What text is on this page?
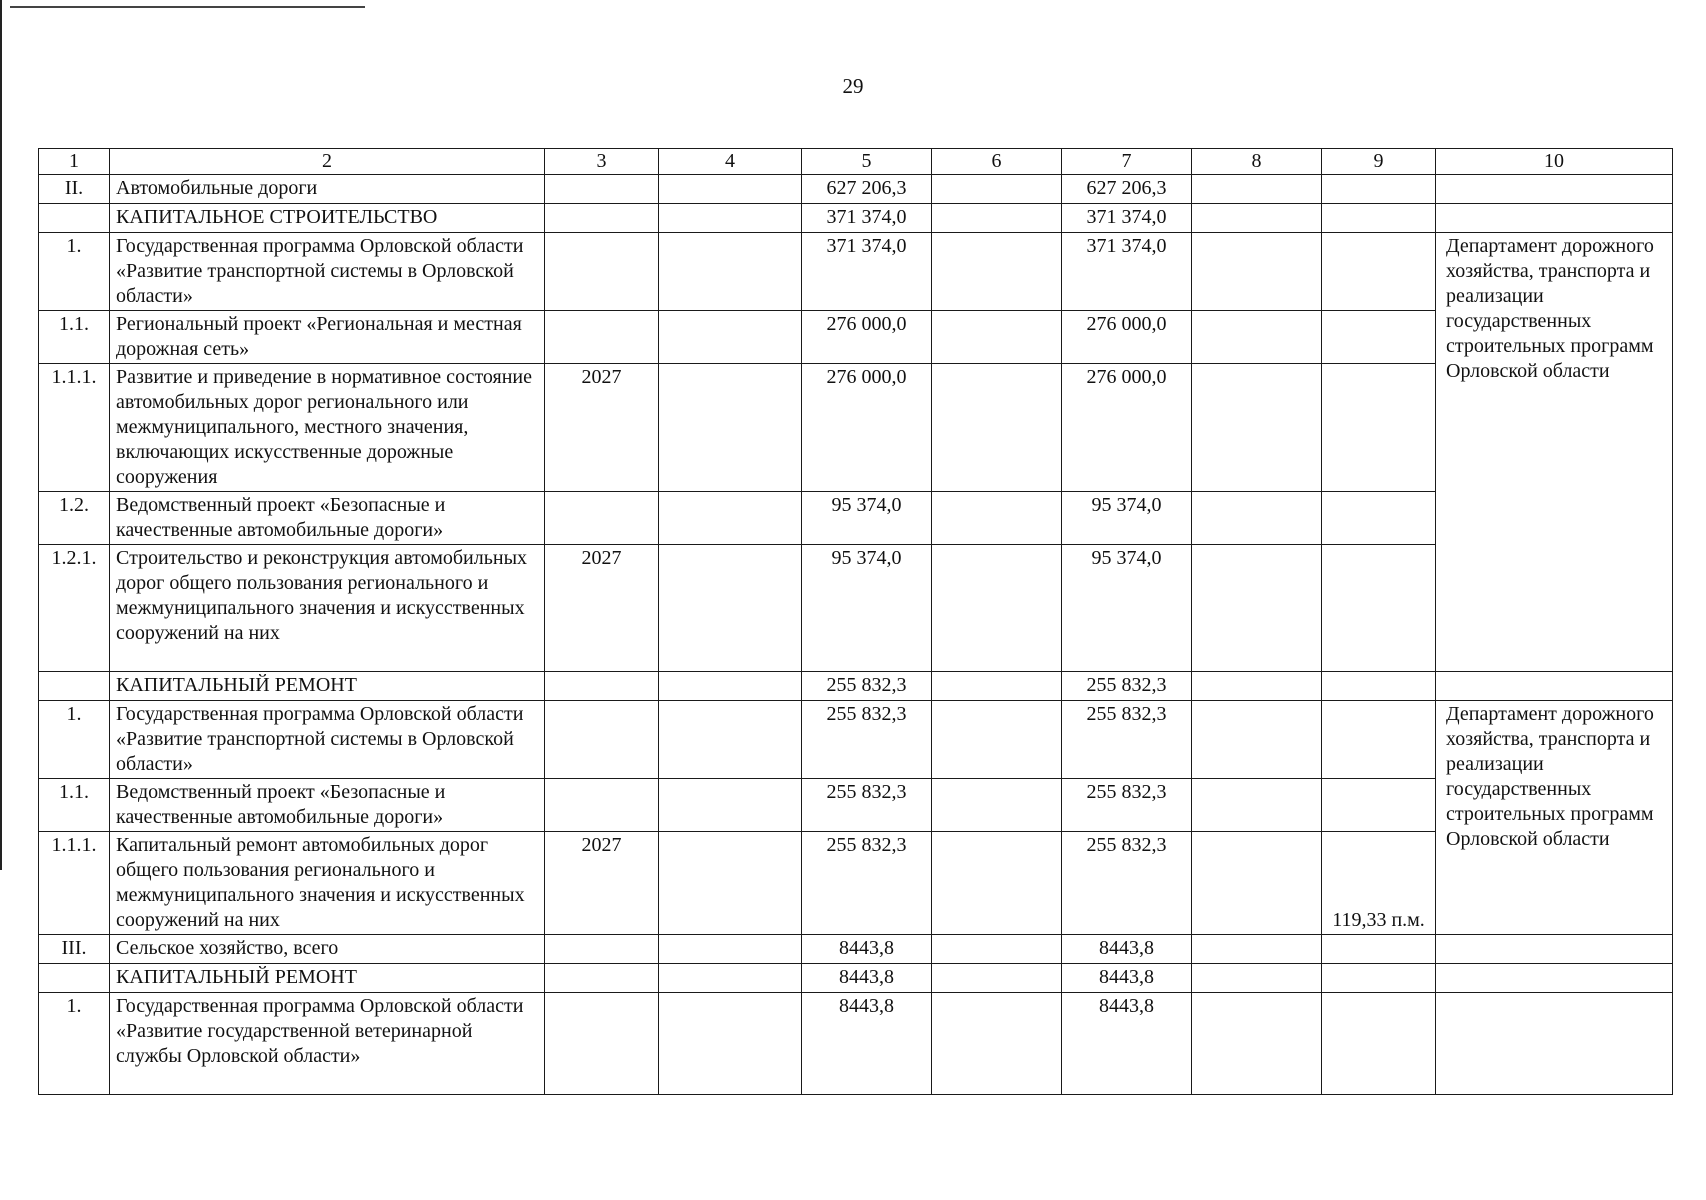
29
1	2	3	4	5	6	7	8	9	10	
II.	Автомобильные дороги			627 206,3		627 206,3				
	КАПИТАЛЬНОЕ СТРОИТЕЛЬСТВО			371 374,0		371 374,0				
1.	Государственная программа Орловской области «Развитие транспортной системы в Орловской области»			371 374,0		371 374,0			Департамент дорожного хозяйства, транспорта и реализации государственных строительных программ Орловской области	

1.1.	Региональный проект «Региональная и местная дорожная сеть»			276 000,0		276 000,0				
1.1.1.	Развитие и приведение в нормативное состояние автомобильных дорог регионального или межмуниципального, местного значения, включающих искусственные дорожные сооружения	2027		276 000,0		276 000,0				
1.2.	Ведомственный проект «Безопасные и качественные автомобильные дороги»			95 374,0		95 374,0				
1.2.1.	Строительство и реконструкция автомобильных дорог общего пользования регионального и межмуниципального значения и искусственных сооружений на них	2027		95 374,0		95 374,0				
	КАПИТАЛЬНЫЙ РЕМОНТ			255 832,3		255 832,3				
1.	Государственная программа Орловской области «Развитие транспортной системы в Орловской области»			255 832,3		255 832,3			Департамент дорожного хозяйства, транспорта и реализации государственных строительных программ Орловской области	

1.1.	Ведомственный проект «Безопасные и качественные автомобильные дороги»			255 832,3		255 832,3				
1.1.1.	Капитальный ремонт автомобильных дорог общего пользования регионального и межмуниципального значения и искусственных сооружений на них	2027		255 832,3		255 832,3		119,33 п.м.		
III.	Сельское хозяйство, всего			8443,8		8443,8				
	КАПИТАЛЬНЫЙ РЕМОНТ			8443,8		8443,8				
1.	Государственная программа Орловской области «Развитие государственной ветеринарной службы Орловской области»			8443,8		8443,8				
